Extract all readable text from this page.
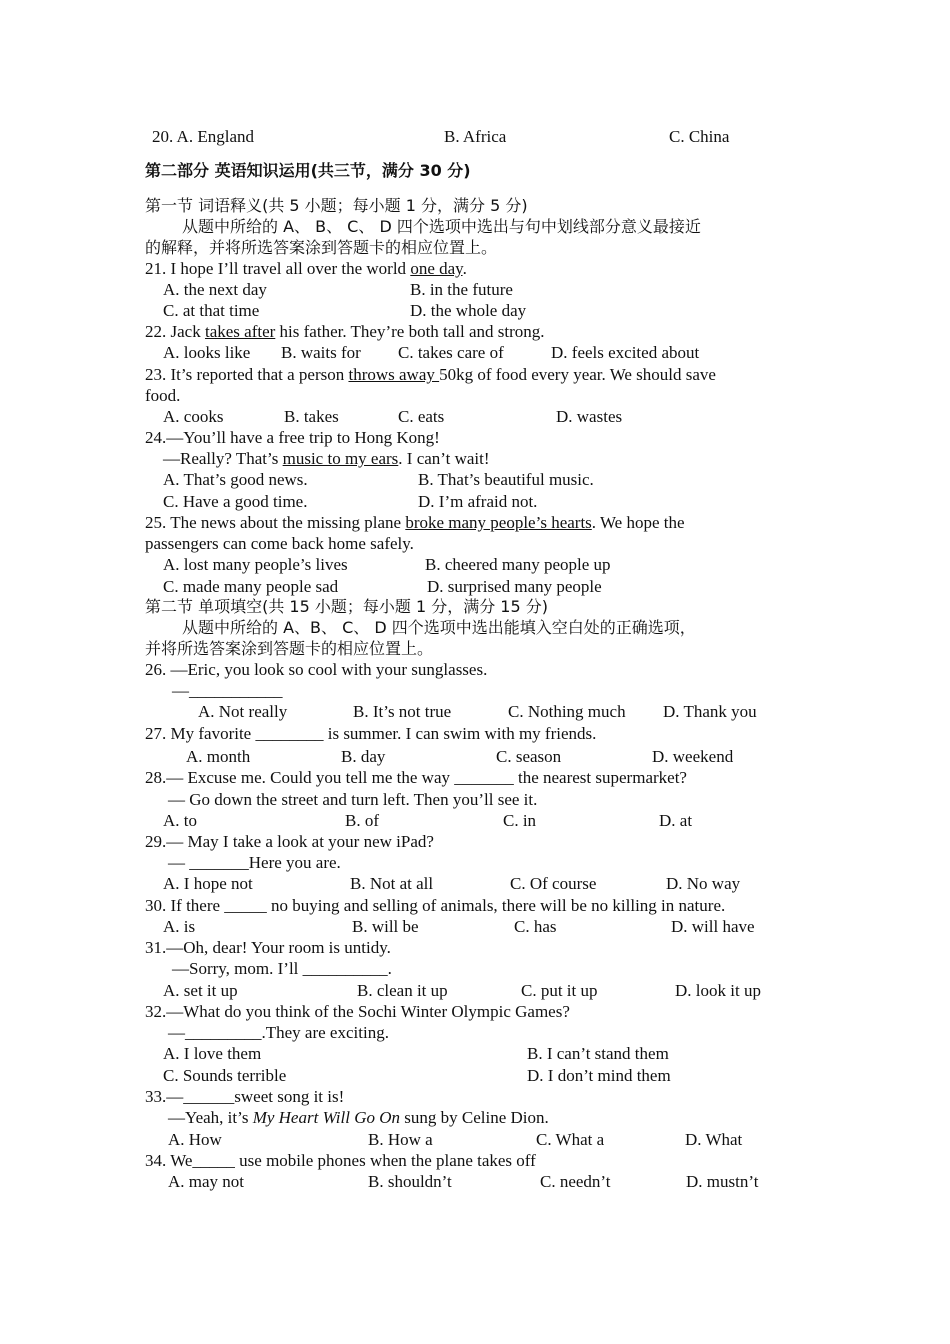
20. A. England	B. Africa	C. China
第二部分 英语知识运用(共三节，满分 30 分)
第一节 词语释义(共 5 小题；每小题 1 分，满分 5 分)
从题中所给的 A、 B、 C、 D 四个选项中选出与句中划线部分意义最接近
的解释，并将所选答案涂到答题卡的相应位置上。
21. I hope I’ll travel all over the world one day.
A. the next day	B. in the future
C. at that time	D. the whole day
22. Jack takes after his father. They’re both tall and strong.
A. looks like B. waits for C. takes care of	D. feels excited about
23. It’s reported that a person throws away 50kg of food every year. We should save
food.
A. cooks	B. takes	C. eats	D. wastes
24.—You’ll have a free trip to Hong Kong!
—Really? That’s music to my ears. I can’t wait!
A. That’s good news.	B. That’s beautiful music.
C. Have a good time.	D. I’m afraid not.
25. The news about the missing plane broke many people’s hearts. We hope the
passengers can come back home safely.
A. lost many people’s lives	B. cheered many people up
C. made many people sad	D. surprised many people
第二节 单项填空(共 15 小题；每小题 1 分，满分 15 分)
从题中所给的 A、B、 C、 D 四个选项中选出能填入空白处的正确选项，
并将所选答案涂到答题卡的相应位置上。
26. —Eric, you look so cool with your sunglasses.
—___________
A. Not really	B. It’s not true	C. Nothing much D. Thank you
27. My favorite ________ is summer. I can swim with my friends.
A. month	B. day	C. season	D. weekend
28.— Excuse me. Could you tell me the way _______ the nearest supermarket?
— Go down the street and turn left. Then you’ll see it.
A. to	B. of	C. in	D. at
29.— May I take a look at your new iPad?
— _______Here you are.
A. I hope not	B. Not at all	C. Of course	D. No way
30. If there _____ no buying and selling of animals, there will be no killing in nature.
A. is	B. will be	C. has	D. will have
31.—Oh, dear! Your room is untidy.
—Sorry, mom. I’ll __________.
A. set it up	B. clean it up	C. put it up	D. look it up
32.—What do you think of the Sochi Winter Olympic Games?
—_________.They are exciting.
A. I love them	B. I can’t stand them
C. Sounds terrible	D. I don’t mind them
33.—______sweet song it is!
—Yeah, it’s My Heart Will Go On sung by Celine Dion.
A. How	B. How a	C. What a	D. What
34. We_____ use mobile phones when the plane takes off
A. may not	B. shouldn’t	C. needn’t	D. mustn’t
